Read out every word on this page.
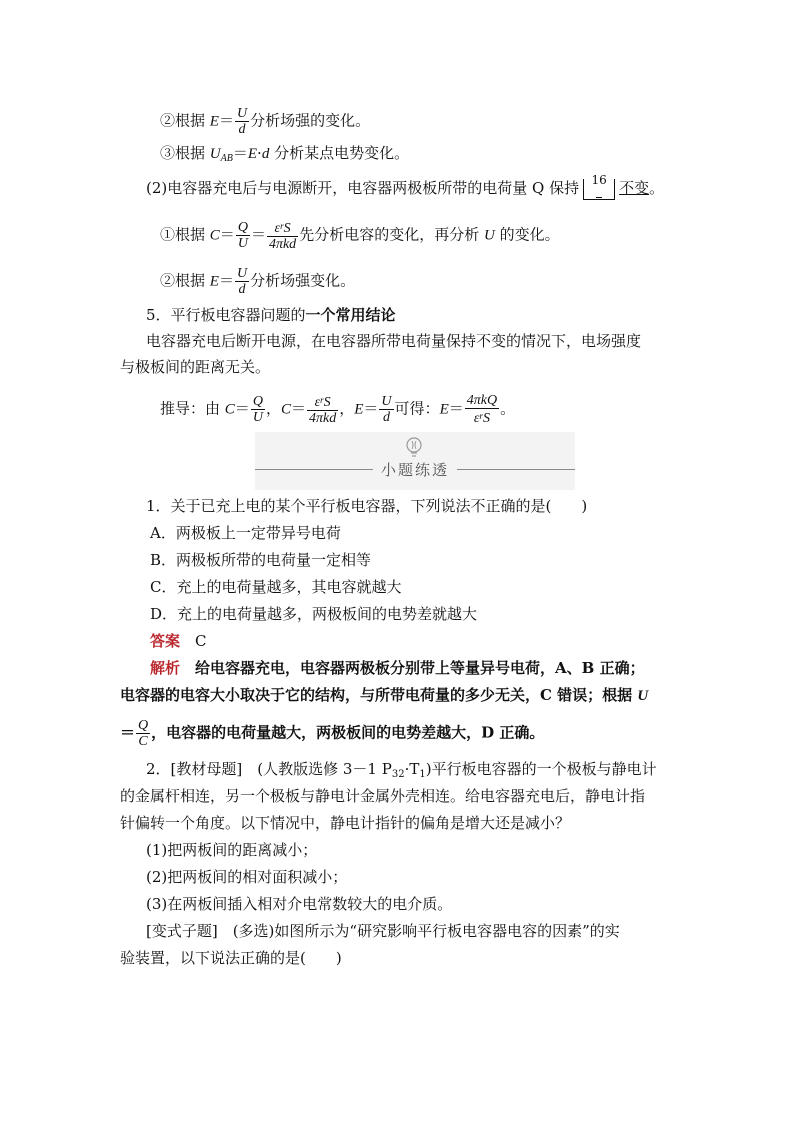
②根据 $E= \frac{U}{d}$ 分析场强的变化。
③根据 $U_{AB}=E\cdot d$ 分析某点电势变化。
(2)电容器充电后与电源断开，电容器两极板所带的电荷量 Q 保持	16 不变。
①根据 $C= \frac{Q}{U} = \frac{\varepsilon^rS}{\text{4πkd}}$ 先分析电容的变化，再分析 U 的变化。
②根据 $E= \frac{U}{d}$ 分析场强变化。
5．平行板电容器问题的一个常用结论
电容器充电后断开电源，在电容器所带电荷量保持不变的情况下，电场强度
与极板间的距离无关。
推导：由 $C= \frac{Q}{U}$ ，$C= \frac{\varepsilon^rS}{\text{4πkd}}$ ，$E= \frac{U}{d}$ 可得：$E= \frac{\text{4πkQ}}{\varepsilon^rS}$ 。
小题练透
1．关于已充上电的某个平行板电容器，下列说法不正确的是(　　)
A．两极板上一定带异号电荷
B．两极板所带的电荷量一定相等
C．充上的电荷量越多，其电容就越大
D．充上的电荷量越多，两极板间的电势差就越大
答案　 C
解析　 给电容器充电，电容器两极板分别带上等量异号电荷，A、B 正确；
电容器的电容大小取决于它的结构，与所带电荷量的多少无关，C 错误；根据 U
＝ $\frac{Q}{C}$ ，电容器的电荷量越大，两极板间的电势差越大，D 正确。
2．[教材母题]　(人教版选修 3－1 $P_{32}\cdot T_1$)平行板电容器的一个极板与静电计
的金属杆相连，另一个极板与静电计金属外壳相连。给电容器充电后，静电计指
针偏转一个角度。以下情况中，静电计指针的偏角是增大还是减小？
(1)把两板间的距离减小；
(2)把两板间的相对面积减小；
(3)在两板间插入相对介电常数较大的电介质。
[变式子题]　(多选)如图所示为“研究影响平行板电容器电容的因素”的实
验装置，以下说法正确的是(　　)
